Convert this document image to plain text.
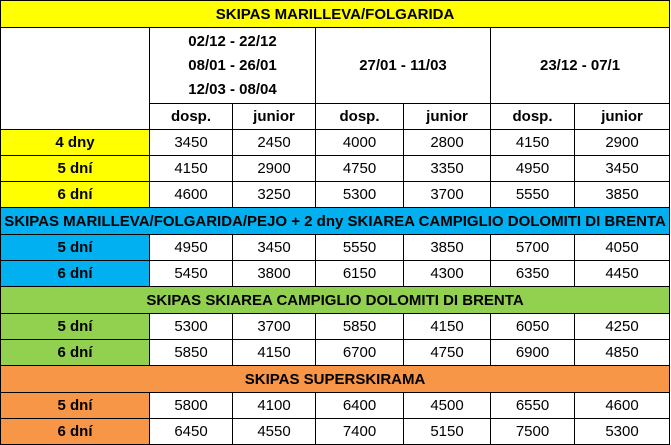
SKIPAS MARILLEVA/FOLGARIDA						

	02/12 - 22/12
08/01 - 26/01
12/03 - 08/04		27/01 - 11/03		23/12 - 07/1	

	dosp.	junior	dosp.	junior	dosp.	junior
4 dny	3450	2450	4000	2800	4150	2900
5 dní	4150	2900	4750	3350	4950	3450
6 dní	4600	3250	5300	3700	5550	3850
SKIPAS MARILLEVA/FOLGARIDA/PEJO + 2 dny SKIAREA CAMPIGLIO DOLOMITI DI BRENTA						
5 dní	4950	3450	5550	3850	5700	4050
6 dní	5450	3800	6150	4300	6350	4450
SKIPAS SKIAREA CAMPIGLIO DOLOMITI DI BRENTA						
5 dní	5300	3700	5850	4150	6050	4250
6 dní	5850	4150	6700	4750	6900	4850
SKIPAS SUPERSKIRAMA						
5 dní	5800	4100	6400	4500	6550	4600
6 dní	6450	4550	7400	5150	7500	5300
